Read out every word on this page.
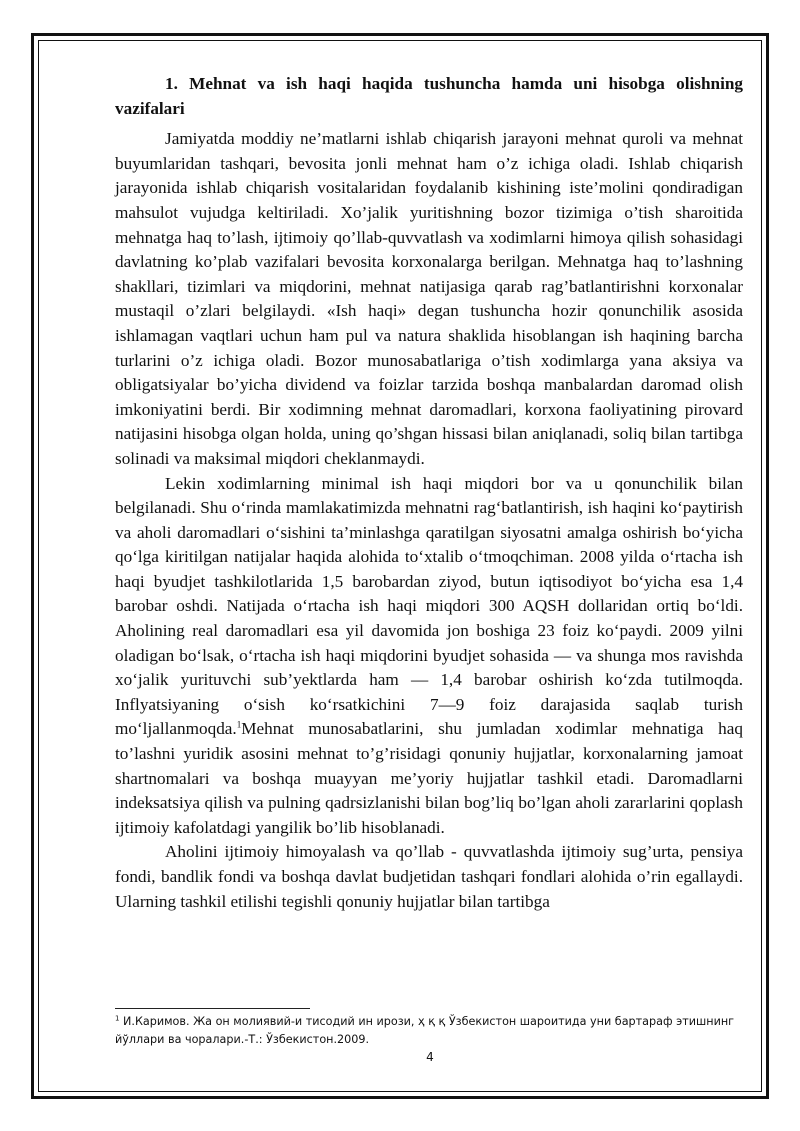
1. Mehnat va ish haqi haqida tushuncha hamda uni hisobga olishning vazifalari

Jamiyatda moddiy ne’matlarni ishlab chiqarish jarayoni mehnat quroli va mehnat buyumlaridan tashqari, bevosita jonli mehnat ham o’z ichiga oladi. Ishlab chiqarish jarayonida ishlab chiqarish vositalaridan foydalanib kishining iste’molini qondiradigan mahsulot vujudga keltiriladi. Xo’jalik yuritishning bozor tizimiga o’tish sharoitida mehnatga haq to’lash, ijtimoiy qo’llab-quvvatlash va xodimlarni himoya qilish sohasidagi davlatning ko’plab vazifalari bevosita korxonalarga berilgan. Mehnatga haq to’lashning shakllari, tizimlari va miqdorini, mehnat natijasiga qarab rag’batlantirishni korxonalar mustaqil o’zlari belgilaydi. «Ish haqi» degan tushuncha hozir qonunchilik asosida ishlamagan vaqtlari uchun ham pul va natura shaklida hisoblangan ish haqining barcha turlarini o’z ichiga oladi. Bozor munosabatlariga o’tish xodimlarga yana aksiya va obligatsiyalar bo’yicha dividend va foizlar tarzida boshqa manbalardan daromad olish imkoniyatini berdi. Bir xodimning mehnat daromadlari, korxona faoliyatining pirovard natijasini hisobga olgan holda, uning qo’shgan hissasi bilan aniqlanadi, soliq bilan tartibga solinadi va maksimal miqdori cheklanmaydi.

Lekin xodimlarning minimal ish haqi miqdori bor va u qonunchilik bilan belgilanadi. Shu o‘rinda mamlakatimizda mehnatni rag‘batlantirish, ish haqini ko‘paytirish va aholi daromadlari o‘sishini ta’minlashga qaratilgan siyosatni amalga oshirish bo‘yicha qo‘lga kiritilgan natijalar haqida alohida to‘xtalib o‘tmoqchiman. 2008 yilda o‘rtacha ish haqi byudjet tashkilotlarida 1,5 barobardan ziyod, butun iqtisodiyot bo‘yicha esa 1,4 barobar oshdi. Natijada o‘rtacha ish haqi miqdori 300 AQSH dollaridan ortiq bo‘ldi. Aholining real daromadlari esa yil davomida jon boshiga 23 foiz ko‘paydi. 2009 yilni oladigan bo‘lsak, o‘rtacha ish haqi miqdorini byudjet sohasida — va shunga mos ravishda xo‘jalik yurituvchi sub’yektlarda ham — 1,4 barobar oshirish ko‘zda tutilmoqda. Inflyatsiyaning o‘sish ko‘rsatkichini 7—9 foiz darajasida saqlab turish mo‘ljallanmoqda.$^1$Mehnat munosabatlarini, shu jumladan xodimlar mehnatiga haq to’lashni yuridik asosini mehnat to’g’risidagi qonuniy hujjatlar, korxonalarning jamoat shartnomalari va boshqa muayyan me’yoriy hujjatlar tashkil etadi. Daromadlarni indeksatsiya qilish va pulning qadrsizlanishi bilan bog’liq bo’lgan aholi zararlarini qoplash ijtimoiy kafolatdagi yangilik bo’lib hisoblanadi.

Aholini ijtimoiy himoyalash va qo’llab - quvvatlashda ijtimoiy sug’urta, pensiya fondi, bandlik fondi va boshqa davlat budjetidan tashqari fondlari alohida o’rin egallaydi. Ularning tashkil etilishi tegishli qonuniy hujjatlar bilan tartibga

$^1$ И.Каримов. Жа он молиявий-и тисодий ин ирози, ҳ қ қ Ўзбекистон шароитида уни бартараф этишнинг йўллари ва чоралари.-Т.: Ўзбекистон.2009.
4
